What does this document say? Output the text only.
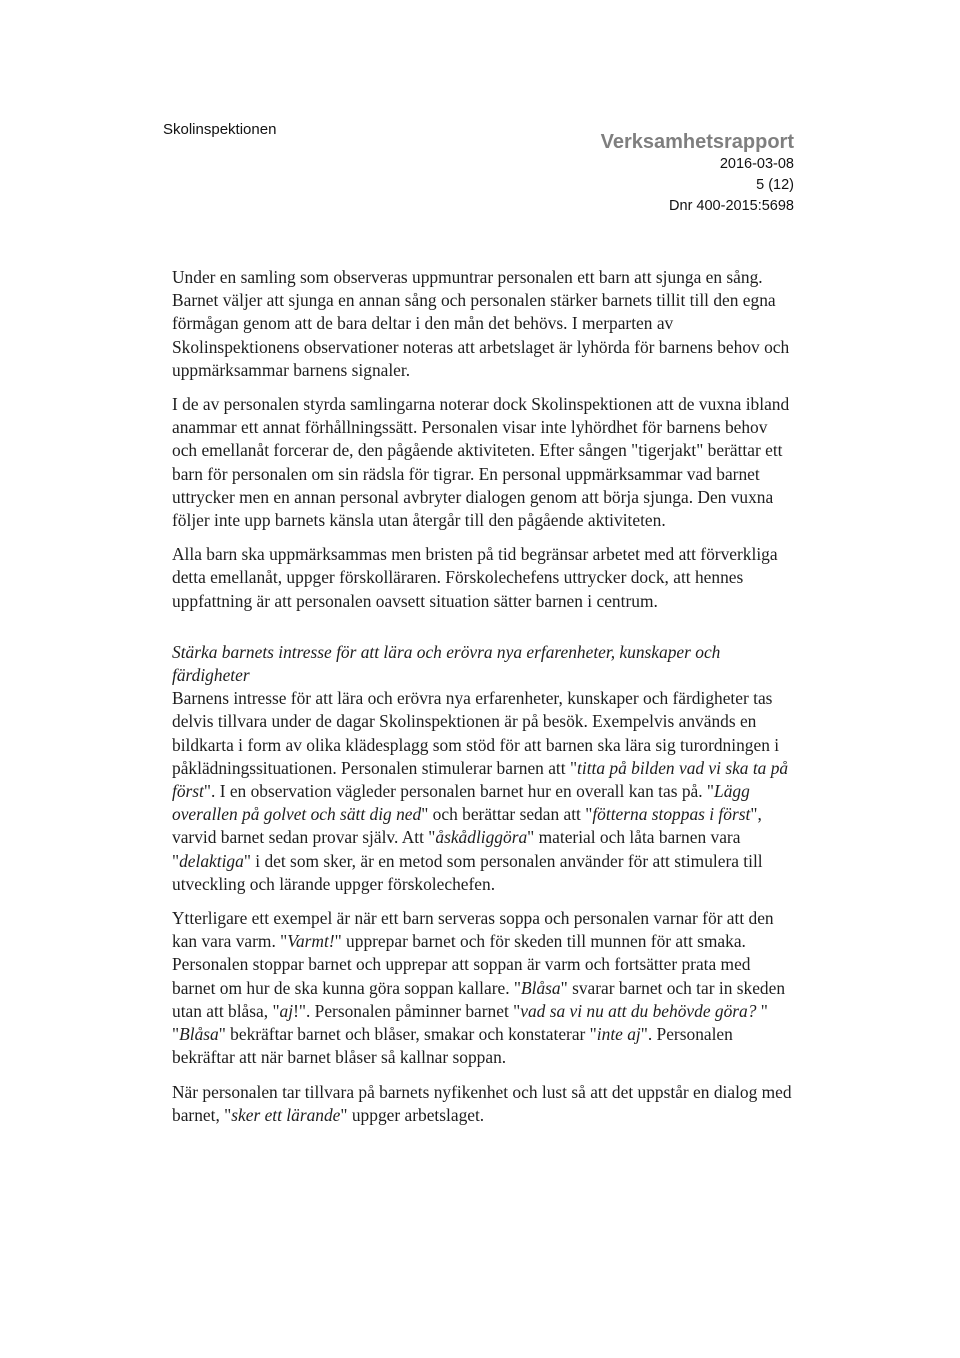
Skolinspektionen
Verksamhetsrapport
2016-03-08
5 (12)
Dnr 400-2015:5698

Under en samling som observeras uppmuntrar personalen ett barn att sjunga en sång. Barnet väljer att sjunga en annan sång och personalen stärker barnets tillit till den egna förmågan genom att de bara deltar i den mån det behövs. I merparten av Skolinspektionens observationer noteras att arbetslaget är lyhörda för barnens behov och uppmärksammar barnens signaler.

I de av personalen styrda samlingarna noterar dock Skolinspektionen att de vuxna ibland anammar ett annat förhållningssätt. Personalen visar inte lyhördhet för barnens behov och emellanåt forcerar de, den pågående aktiviteten. Efter sången "tigerjakt" berättar ett barn för personalen om sin rädsla för tigrar. En personal uppmärksammar vad barnet uttrycker men en annan personal avbryter dialogen genom att börja sjunga. Den vuxna följer inte upp barnets känsla utan återgår till den pågående aktiviteten.

Alla barn ska uppmärksammas men bristen på tid begränsar arbetet med att förverkliga detta emellanåt, uppger förskolläraren. Förskolechefens uttrycker dock, att hennes uppfattning är att personalen oavsett situation sätter barnen i centrum.

Stärka barnets intresse för att lära och erövra nya erfarenheter, kunskaper och färdigheter

Barnens intresse för att lära och erövra nya erfarenheter, kunskaper och färdigheter tas delvis tillvara under de dagar Skolinspektionen är på besök. Exempelvis används en bildkarta i form av olika klädesplagg som stöd för att barnen ska lära sig turordningen i påklädningssituationen. Personalen stimulerar barnen att "titta på bilden vad vi ska ta på först". I en observation vägleder personalen barnet hur en overall kan tas på. "Lägg overallen på golvet och sätt dig ned" och berättar sedan att "fötterna stoppas i först", varvid barnet sedan provar själv. Att "åskådliggöra" material och låta barnen vara "delaktiga" i det som sker, är en metod som personalen använder för att stimulera till utveckling och lärande uppger förskolechefen.

Ytterligare ett exempel är när ett barn serveras soppa och personalen varnar för att den kan vara varm. "Varmt!" upprepar barnet och för skeden till munnen för att smaka. Personalen stoppar barnet och upprepar att soppan är varm och fortsätter prata med barnet om hur de ska kunna göra soppan kallare. "Blåsa" svarar barnet och tar in skeden utan att blåsa, "aj!". Personalen påminner barnet "vad sa vi nu att du behövde göra? " "Blåsa" bekräftar barnet och blåser, smakar och konstaterar "inte aj". Personalen bekräftar att när barnet blåser så kallnar soppan.

När personalen tar tillvara på barnets nyfikenhet och lust så att det uppstår en dialog med barnet, "sker ett lärande" uppger arbetslaget.
